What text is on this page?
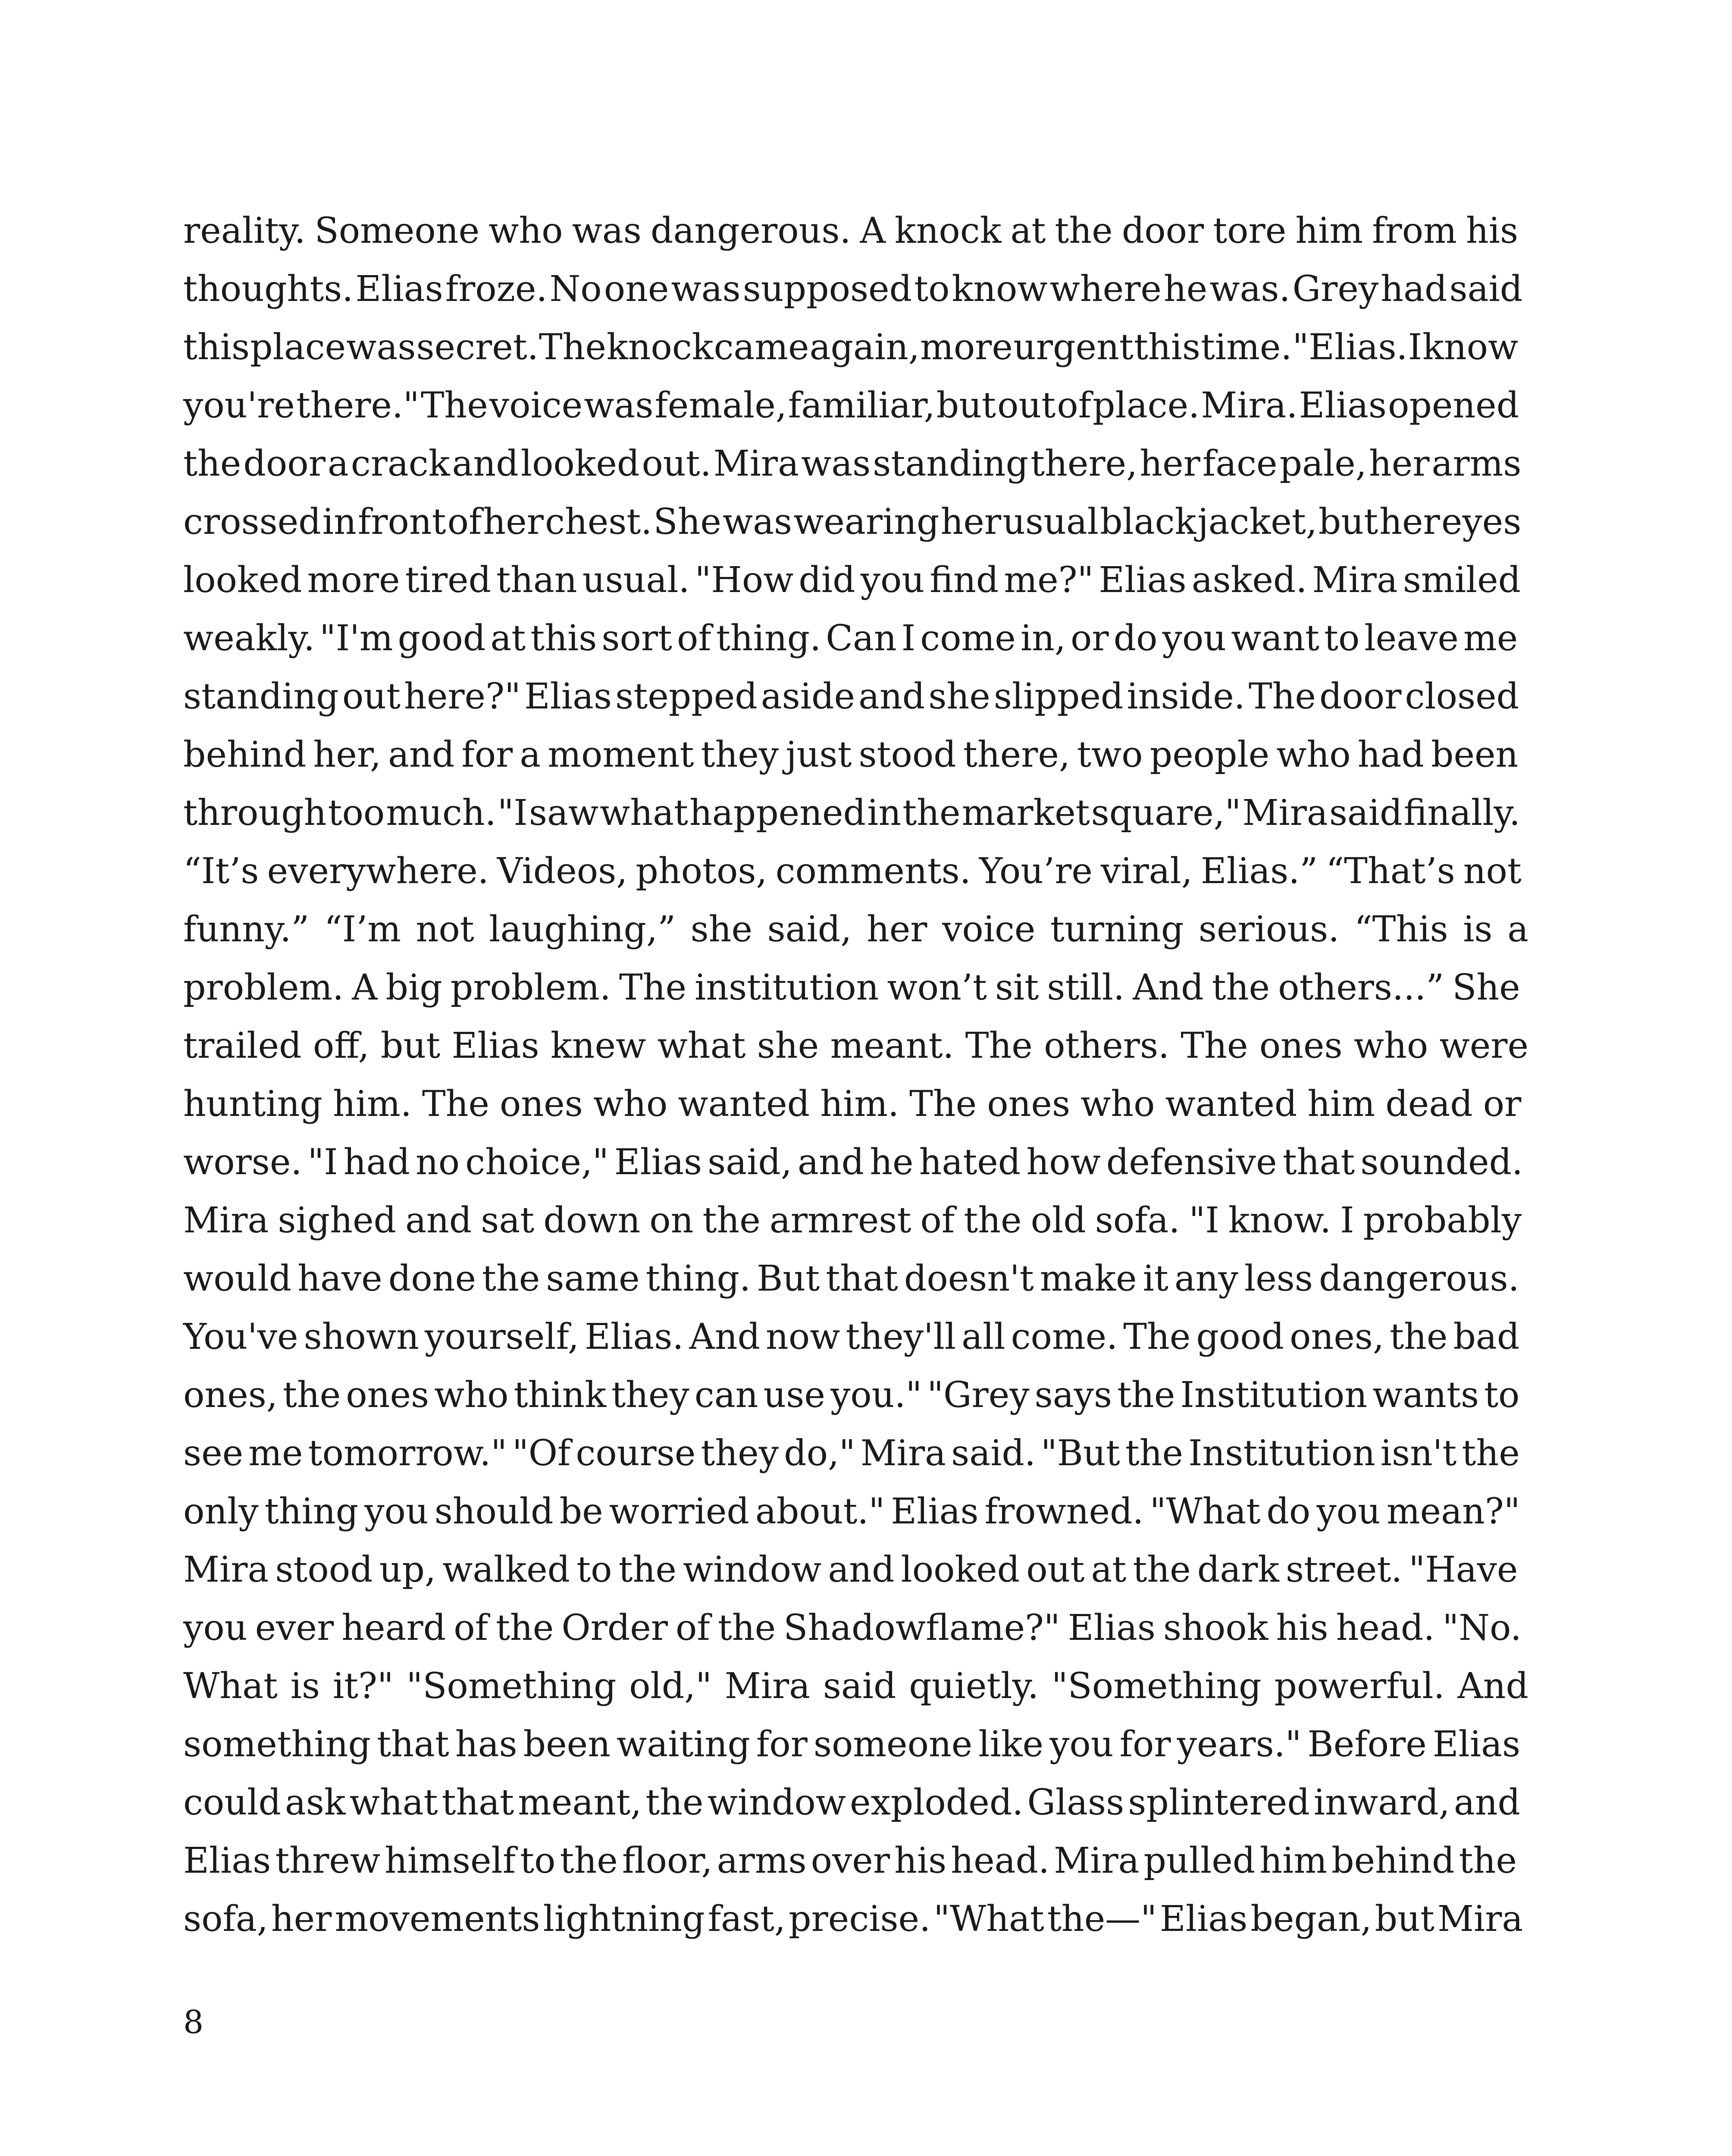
reality. Someone who was dangerous. A knock at the door tore him from his
thoughts. Elias froze. No one was supposed to know where he was. Grey had said
this place was secret. The knock came again, more urgent this time. "Elias. I know
you're there." The voice was female, familiar, but out of place. Mira. Elias opened
the door a crack and looked out. Mira was standing there, her face pale, her arms
crossed in front of her chest. She was wearing her usual black jacket, but her eyes
looked more tired than usual. "How did you find me?" Elias asked. Mira smiled
weakly. "I'm good at this sort of thing. Can I come in, or do you want to leave me
standing out here?" Elias stepped aside and she slipped inside. The door closed
behind her, and for a moment they just stood there, two people who had been
through too much. "I saw what happened in the market square," Mira said finally.
“It’s everywhere. Videos, photos, comments. You’re viral, Elias.” “That’s not
funny.” “I’m not laughing,” she said, her voice turning serious. “This is a
problem. A big problem. The institution won’t sit still. And the others...” She
trailed off, but Elias knew what she meant. The others. The ones who were
hunting him. The ones who wanted him. The ones who wanted him dead or
worse. "I had no choice," Elias said, and he hated how defensive that sounded.
Mira sighed and sat down on the armrest of the old sofa. "I know. I probably
would have done the same thing. But that doesn't make it any less dangerous.
You've shown yourself, Elias. And now they'll all come. The good ones, the bad
ones, the ones who think they can use you." "Grey says the Institution wants to
see me tomorrow." "Of course they do," Mira said. "But the Institution isn't the
only thing you should be worried about." Elias frowned. "What do you mean?"
Mira stood up, walked to the window and looked out at the dark street. "Have
you ever heard of the Order of the Shadowflame?" Elias shook his head. "No.
What is it?" "Something old," Mira said quietly. "Something powerful. And
something that has been waiting for someone like you for years." Before Elias
could ask what that meant, the window exploded. Glass splintered inward, and
Elias threw himself to the floor, arms over his head. Mira pulled him behind the
sofa, her movements lightning fast, precise. "What the—" Elias began, but Mira
8
